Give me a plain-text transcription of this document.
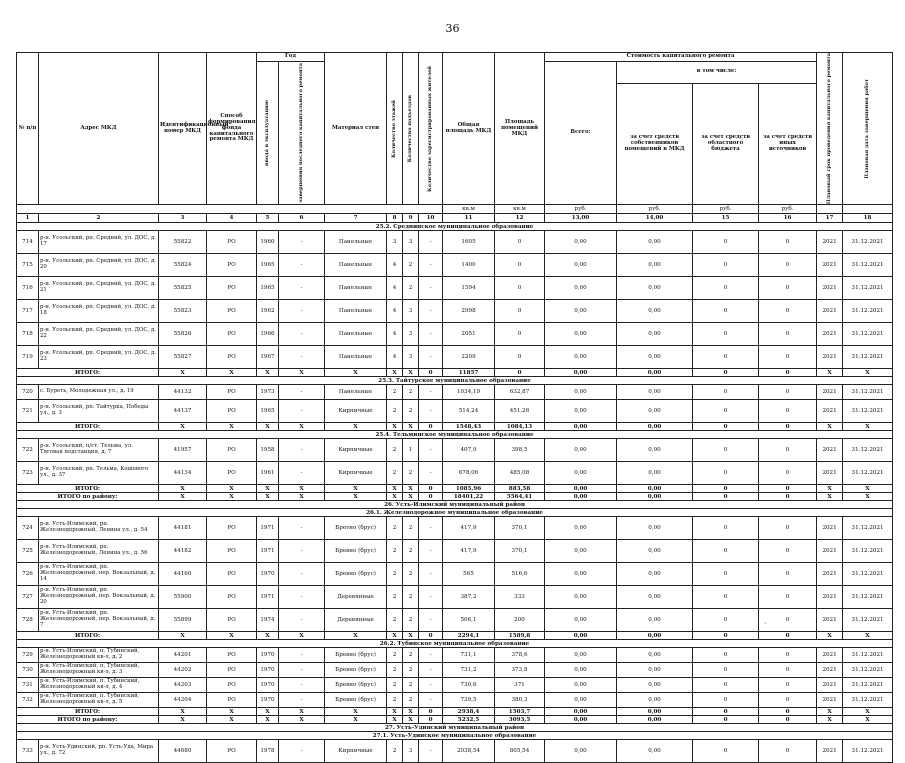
36
№ п/п	Адрес МКД	Идентификационный номер МКД	Способ формирования фонда капитального ремонта МКД	Год		Материал стен	Количество этажей	Количество подъездов	Количество зарегистрированных жителей	Общая площадь МКД	Площадь помещений МКД	Стоимость капитального ремонта				Плановый срок проведения капитального ремонта	Плановая дата завершения работ

				ввода в эксплуатацию	завершения последнего капитального ремонта							Всего:	в том числе:				
													за счет средств собственников помещений в МКД	за счет средств областного бюджета	за счет средств иных источников		
										кв.м	кв.м	руб.	руб.	руб.	руб.		
1	2	3	4	5	6	7	8	9	10	11	12	13,00	14,00	15	16	17	18
25.2. Среднинское муниципальное образование																	
714	р-н. Усольский, рп. Средний, ул. ДОС, д. 17	55822	РО	1960	-	Панельные	3	3	-	1605	0	0,00	0,00	0	0	2021	31.12.2021
715	р-н. Усольский, рп. Средний, ул. ДОС, д. 20	55824	РО	1965	-	Панельные	4	2	-	1400	0	0,00	0,00	0	0	2021	31.12.2021
716	р-н. Усольский, рп. Средний, ул. ДОС, д. 21	55825	РО	1965	-	Панельные	4	2	-	1594	0	0,00	0,00	0	0	2021	31.12.2021
717	р-н. Усольский, рп. Средний, ул. ДОС, д. 18	55823	РО	1962	-	Панельные	4	3	-	2998	0	0,00	0,00	0	0	2021	31.12.2021
718	р-н. Усольский, рп. Средний, ул. ДОС, д. 22	55826	РО	1966	-	Панельные	4	3	-	2051	0	0,00	0,00	0	0	2021	31.12.2021
719	р-н. Усольский, рп. Средний, ул. ДОС, д. 23	55827	РО	1967	-	Панельные	4	3	-	2209	0	0,00	0,00	0	0	2021	31.12.2021
ИТОГО:		X	X	X	X	X	X	X	0	11857	0	0,00	0,00	0	0	X	X
25.3. Тайтурское муниципальное образование																	
720	с. Буреть, Молодежная ул., д. 19	44132	РО	1973	-	Панельные	2	2	-	1034,19	632,87	0,00	0,00	0	0	2021	31.12.2021
721	р-н. Усольский, рп. Тайтурка, Победы ул., д. 3	44137	РО	1965	-	Кирпичные	2	2	-	514,24	451,26	0,00	0,00	0	0	2021	31.12.2021
ИТОГО:		X	X	X	X	X	X	X	0	1548,43	1084,13	0,00	0,00	0	0	X	X
25.4. Тельминское муниципальное образование																	
722	р-н. Усольский, п/ст. Тельма, ул. Тяговая подстанция, д. 7	41957	РО	1958	-	Кирпичные	2	1	-	407,9	398,5	0,00	0,00	0	0	2021	31.12.2021
723	р-н. Усольский, рп. Тельма, Кошевого ул., д. 37	44134	РО	1961	-	Кирпичные	2	2	-	678,06	485,08	0,00	0,00	0	0	2021	31.12.2021
ИТОГО:		X	X	X	X	X	X	X	0	1085,96	883,58	0,00	0,00	0	0	X	X
ИТОГО по району:		X	X	X	X	X	X	X	0	18401,22	5564,41	0,00	0,00	0	0	X	X
26. Усть-Илимский муниципальный район																	
26.1. Железнодорожное муниципальное образование																	
724	р-н. Усть-Илимский, рп. Железнодорожный, Ленина ул., д. 54	44181	РО	1971	-	Брevно (брус)	2	2	-	417,9	370,1	0,00	0,00	0	0	2021	31.12.2021
725	р-н. Усть-Илимский, рп. Железнодорожный, Ленина ул., д. 56	44182	РО	1971	-	Бревно (брус)	2	2	-	417,9	370,1	0,00	0,00	0	0	2021	31.12.2021
726	р-н. Усть-Илимский, рп. Железнодорожный, пер. Вокзальный, д. 14	44160	РО	1970	-	Бревно (брус)	2	2	-	565	516,6	0,00	0,00	0	0	2021	31.12.2021
727	р-н. Усть-Илимский, рп. Железнодорожный, пер. Вокзальный, д. 20	55900	РО	1971	-	Деревянные	2	2	-	387,2	333	0,00	0,00	0	0	2021	31.12.2021
728	р-н. Усть-Илимский, рп. Железнодорожный, пер. Вокзальный, д. 7	55899	РО	1974	-	Деревянные	2	2	-	506,1	200	0,00	0,00	0	0	2021	31.12.2021
ИТОГО:		X	X	X	X	X	X	X	0	2294,1	1589,8	0,00	0,00	0	0	X	X
26.2. Тубинское муниципальное образование																	
729	р-н. Усть-Илимский, п. Тубинский, Железнодорожный кв-л, д. 2	44201	РО	1970	-	Бревно (брус)	2	2	-	731,1	378,6	0,00	0,00	0	0	2021	31.12.2021
730	р-н. Усть-Илимский, п. Тубинский, Железнодорожный кв-л, д. 3	44202	РО	1970	-	Бревно (брус)	2	2	-	731,2	373,8	0,00	0,00	0	0	2021	31.12.2021
731	р-н. Усть-Илимский, п. Тубинский, Железнодорожный кв-л, д. 4	44203	РО	1970	-	Бревно (брус)	2	2	-	730,6	371	0,00	0,00	0	0	2021	31.12.2021
732	р-н. Усть-Илимский, п. Тубинский, Железнодорожный кв-л, д. 5	44204	РО	1970	-	Бревно (брус)	2	2	-	739,5	380,3	0,00	0,00	0	0	2021	31.12.2021
ИТОГО:		X	X	X	X	X	X	X	0	2938,4	1503,7	0,00	0,00	0	0	X	X
ИТОГО по району:		X	X	X	X	X	X	X	0	5232,5	3093,5	0,00	0,00	0	0	X	X
27. Усть-Удинский муниципальный район																	
27.1. Усть-Удинское муниципальное образование																	
733	р-н. Усть-Удинский, рп. Усть-Уда, Мира ул., д. 72	44680	РО	1978	-	Кирпичные	2	3	-	2038,54	805,54	0,00	0,00	0	0	2021	31.12.2021
·
